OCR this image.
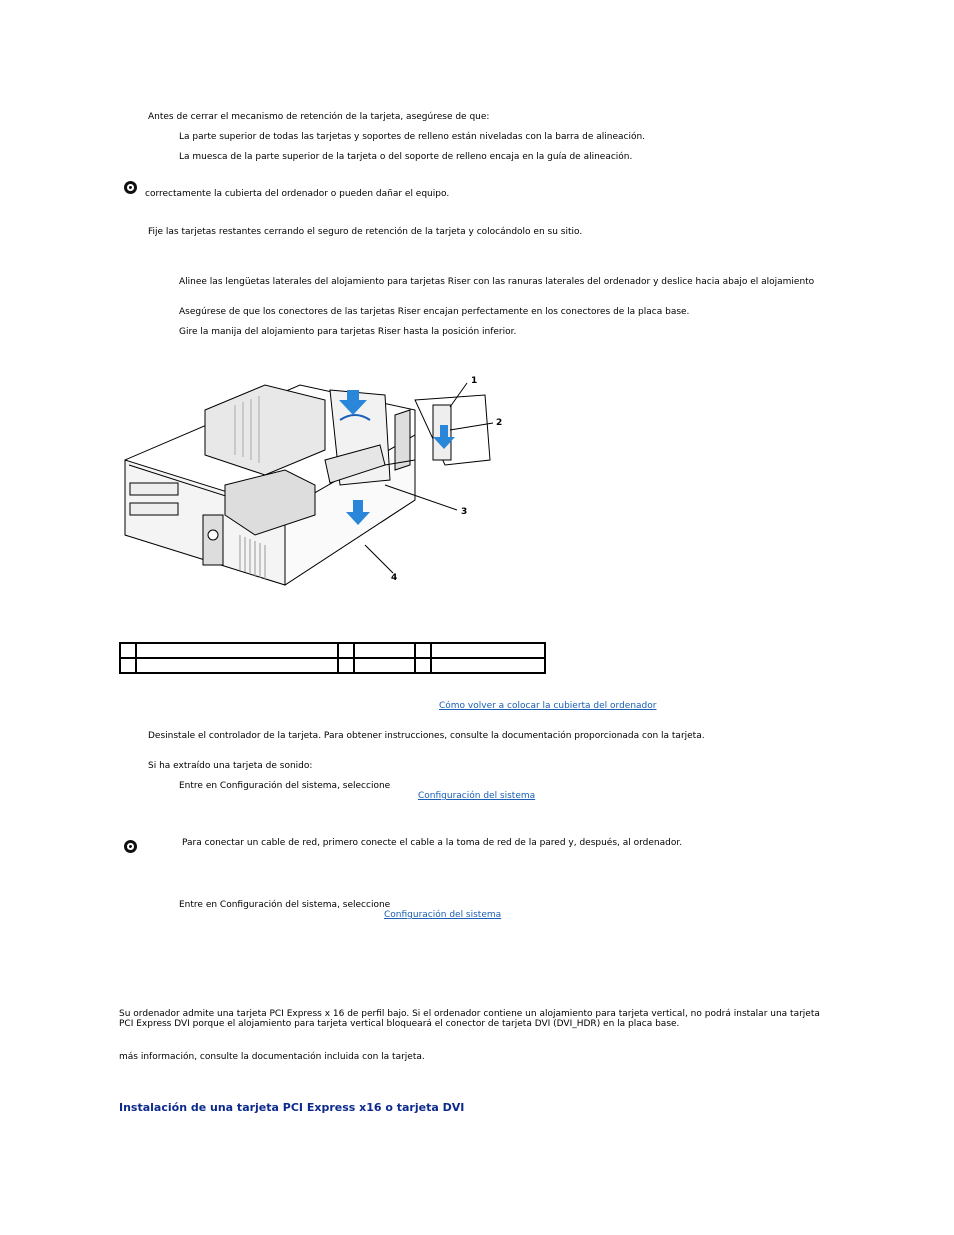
Antes de cerrar el mecanismo de retención de la tarjeta, asegúrese de que:
La parte superior de todas las tarjetas y soportes de relleno están niveladas con la barra de alineación.
La muesca de la parte superior de la tarjeta o del soporte de relleno encaja en la guía de alineación.
correctamente la cubierta del ordenador o pueden dañar el equipo.
Fije las tarjetas restantes cerrando el seguro de retención de la tarjeta y colocándolo en su sitio.
Alinee las lengüetas laterales del alojamiento para tarjetas Riser con las ranuras laterales del ordenador y deslice hacia abajo el alojamiento
Asegúrese de que los conectores de las tarjetas Riser encajan perfectamente en los conectores de la placa base.
Gire la manija del alojamiento para tarjetas Riser hasta la posición inferior.
1
2
3
4

Cómo volver a colocar la cubierta del ordenador
Desinstale el controlador de la tarjeta. Para obtener instrucciones, consulte la documentación proporcionada con la tarjeta.
Si ha extraído una tarjeta de sonido:
Entre en Configuración del sistema, seleccione
Configuración del sistema
Para conectar un cable de red, primero conecte el cable a la toma de red de la pared y, después, al ordenador.
Entre en Configuración del sistema, seleccione
Configuración del sistema
Su ordenador admite una tarjeta PCI Express x 16 de perfil bajo. Si el ordenador contiene un alojamiento para tarjeta vertical, no podrá instalar una tarjeta
PCI Express DVI porque el alojamiento para tarjeta vertical bloqueará el conector de tarjeta DVI (DVI_HDR) en la placa base.
más información, consulte la documentación incluida con la tarjeta.
Instalación de una tarjeta PCI Express x16 o tarjeta DVI
